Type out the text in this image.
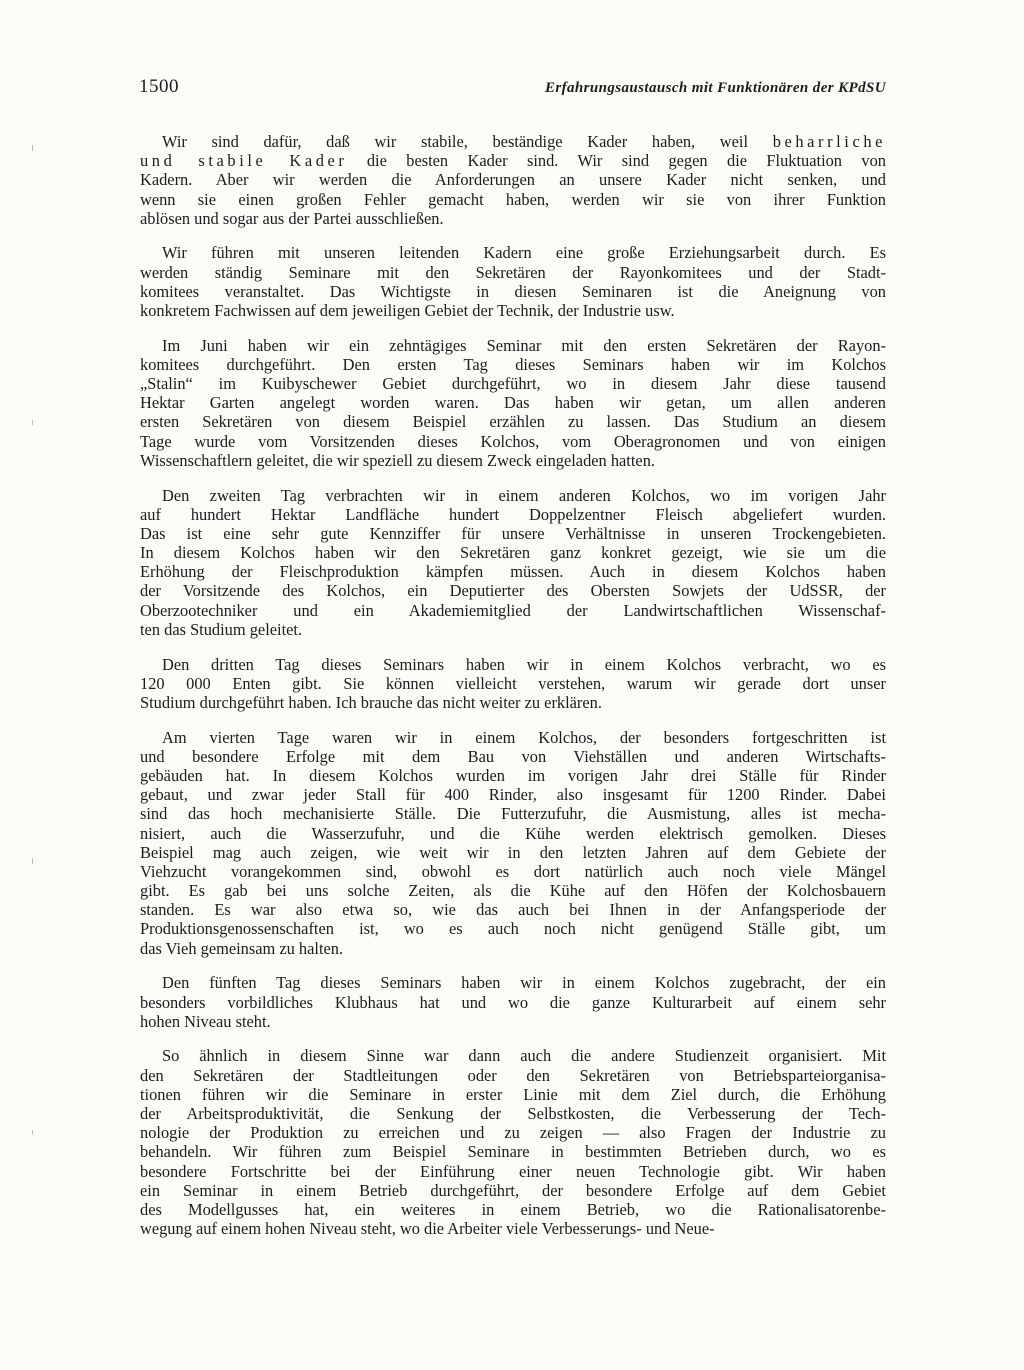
1500	Erfahrungsaustausch mit Funktionären der KPdSU
Wir sind dafür, daß wir stabile, beständige Kader haben, weil beharrliche
und stabile Kader die besten Kader sind. Wir sind gegen die Fluktuation von
Kadern. Aber wir werden die Anforderungen an unsere Kader nicht senken, und
wenn sie einen großen Fehler gemacht haben, werden wir sie von ihrer Funktion
ablösen und sogar aus der Partei ausschließen.
Wir führen mit unseren leitenden Kadern eine große Erziehungsarbeit durch. Es
werden ständig Seminare mit den Sekretären der Rayonkomitees und der Stadt-
komitees veranstaltet. Das Wichtigste in diesen Seminaren ist die Aneignung von
konkretem Fachwissen auf dem jeweiligen Gebiet der Technik, der Industrie usw.
Im Juni haben wir ein zehntägiges Seminar mit den ersten Sekretären der Rayon-
komitees durchgeführt. Den ersten Tag dieses Seminars haben wir im Kolchos
„Stalin“ im Kuibyschewer Gebiet durchgeführt, wo in diesem Jahr diese tausend
Hektar Garten angelegt worden waren. Das haben wir getan, um allen anderen
ersten Sekretären von diesem Beispiel erzählen zu lassen. Das Studium an diesem
Tage wurde vom Vorsitzenden dieses Kolchos, vom Oberagronomen und von einigen
Wissenschaftlern geleitet, die wir speziell zu diesem Zweck eingeladen hatten.
Den zweiten Tag verbrachten wir in einem anderen Kolchos, wo im vorigen Jahr
auf hundert Hektar Landfläche hundert Doppelzentner Fleisch abgeliefert wurden.
Das ist eine sehr gute Kennziffer für unsere Verhältnisse in unseren Trockengebieten.
In diesem Kolchos haben wir den Sekretären ganz konkret gezeigt, wie sie um die
Erhöhung der Fleischproduktion kämpfen müssen. Auch in diesem Kolchos haben
der Vorsitzende des Kolchos, ein Deputierter des Obersten Sowjets der UdSSR, der
Oberzootechniker und ein Akademiemitglied der Landwirtschaftlichen Wissenschaf-
ten das Studium geleitet.
Den dritten Tag dieses Seminars haben wir in einem Kolchos verbracht, wo es
120 000 Enten gibt. Sie können vielleicht verstehen, warum wir gerade dort unser
Studium durchgeführt haben. Ich brauche das nicht weiter zu erklären.
Am vierten Tage waren wir in einem Kolchos, der besonders fortgeschritten ist
und besondere Erfolge mit dem Bau von Viehställen und anderen Wirtschafts-
gebäuden hat. In diesem Kolchos wurden im vorigen Jahr drei Ställe für Rinder
gebaut, und zwar jeder Stall für 400 Rinder, also insgesamt für 1200 Rinder. Dabei
sind das hoch mechanisierte Ställe. Die Futterzufuhr, die Ausmistung, alles ist mecha-
nisiert, auch die Wasserzufuhr, und die Kühe werden elektrisch gemolken. Dieses
Beispiel mag auch zeigen, wie weit wir in den letzten Jahren auf dem Gebiete der
Viehzucht vorangekommen sind, obwohl es dort natürlich auch noch viele Mängel
gibt. Es gab bei uns solche Zeiten, als die Kühe auf den Höfen der Kolchosbauern
standen. Es war also etwa so, wie das auch bei Ihnen in der Anfangsperiode der
Produktionsgenossenschaften ist, wo es auch noch nicht genügend Ställe gibt, um
das Vieh gemeinsam zu halten.
Den fünften Tag dieses Seminars haben wir in einem Kolchos zugebracht, der ein
besonders vorbildliches Klubhaus hat und wo die ganze Kulturarbeit auf einem sehr
hohen Niveau steht.
So ähnlich in diesem Sinne war dann auch die andere Studienzeit organisiert. Mit
den Sekretären der Stadtleitungen oder den Sekretären von Betriebsparteiorganisa-
tionen führen wir die Seminare in erster Linie mit dem Ziel durch, die Erhöhung
der Arbeitsproduktivität, die Senkung der Selbstkosten, die Verbesserung der Tech-
nologie der Produktion zu erreichen und zu zeigen — also Fragen der Industrie zu
behandeln. Wir führen zum Beispiel Seminare in bestimmten Betrieben durch, wo es
besondere Fortschritte bei der Einführung einer neuen Technologie gibt. Wir haben
ein Seminar in einem Betrieb durchgeführt, der besondere Erfolge auf dem Gebiet
des Modellgusses hat, ein weiteres in einem Betrieb, wo die Rationalisatorenbe-
wegung auf einem hohen Niveau steht, wo die Arbeiter viele Verbesserungs- und Neue-
